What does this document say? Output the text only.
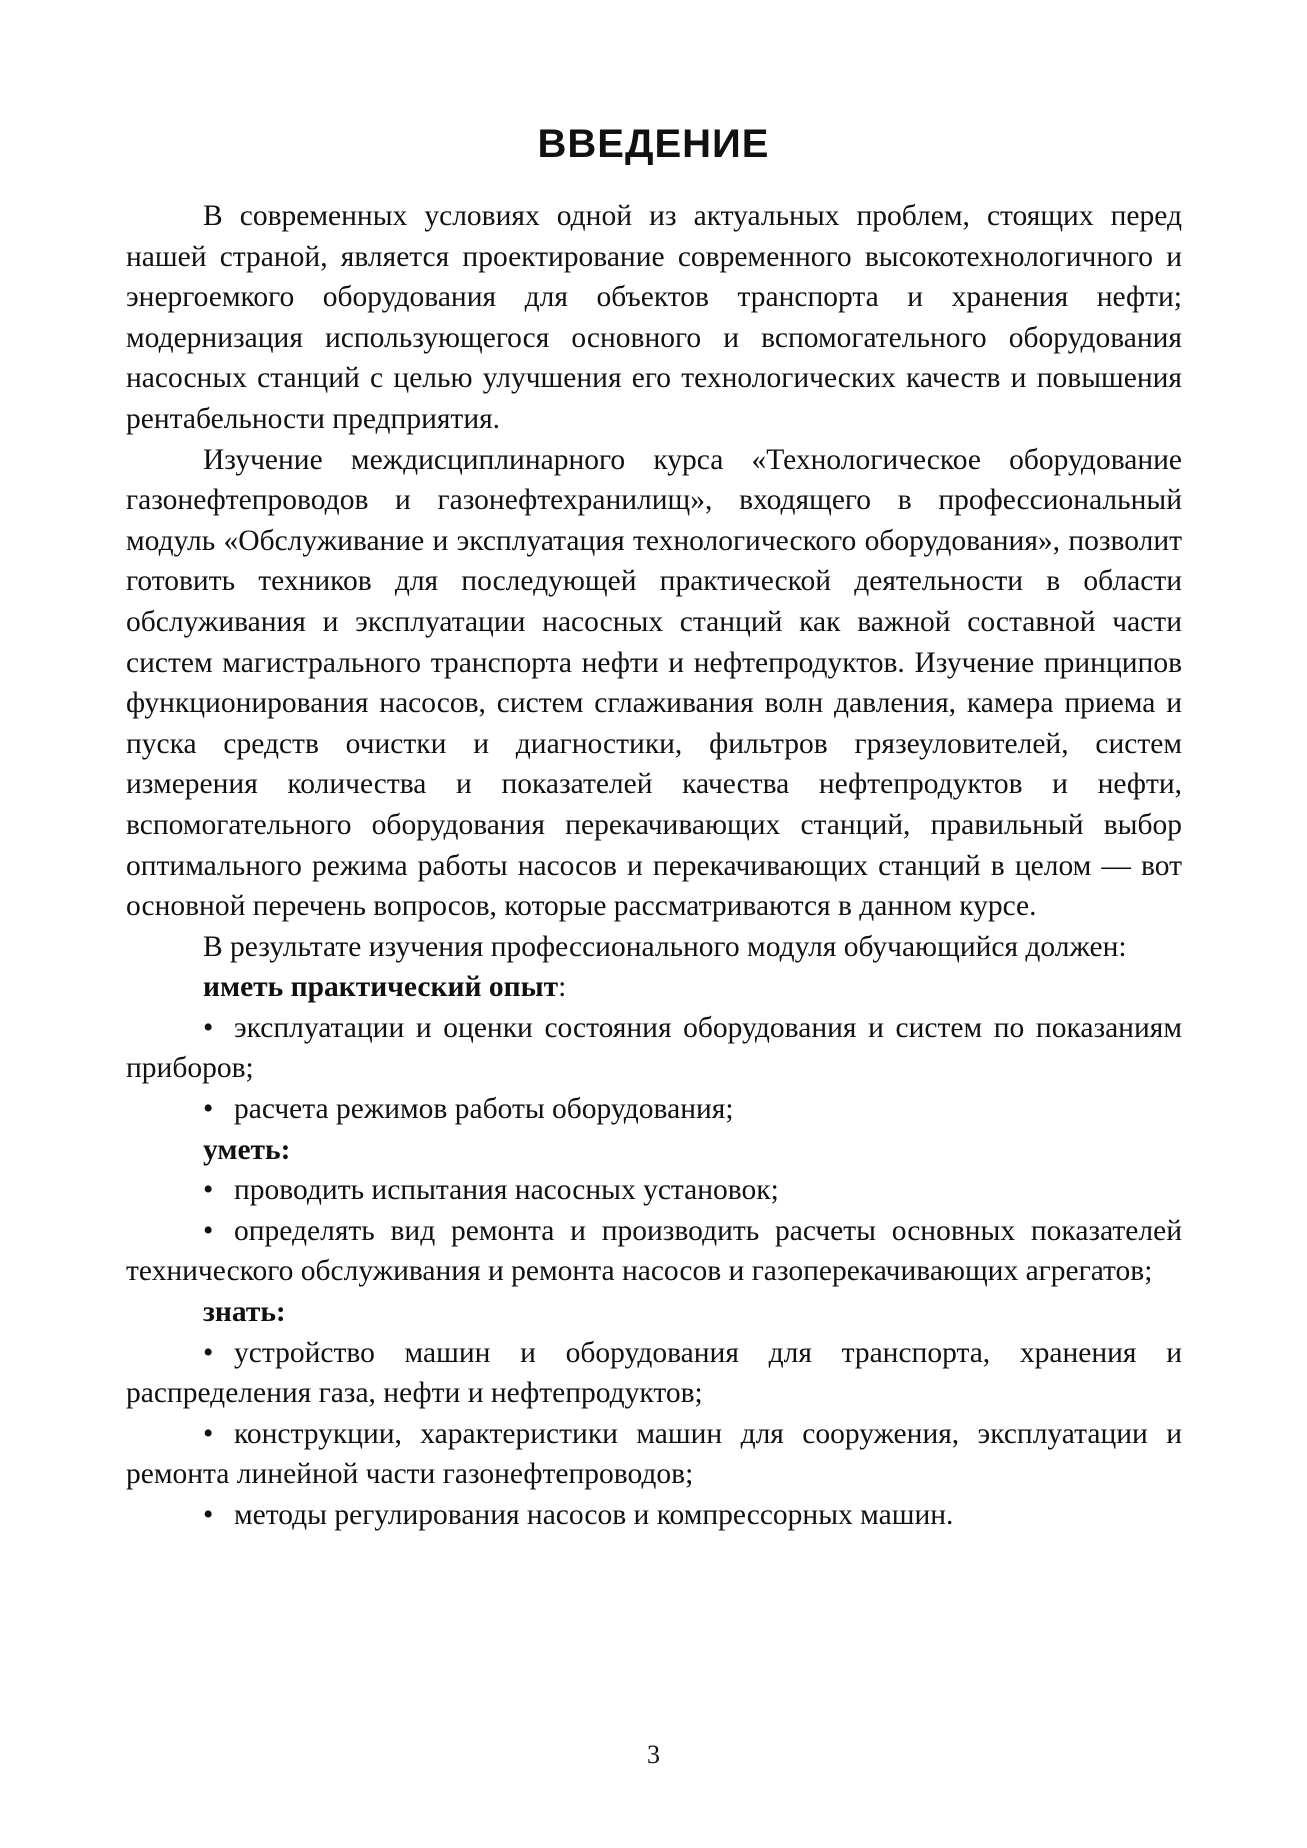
ВВЕДЕНИЕ

В современных условиях одной из актуальных проблем, стоящих перед нашей страной, является проектирование современного высокотехнологичного и энергоемкого оборудования для объектов транспорта и хранения нефти; модернизация использующегося основного и вспомогательного оборудования насосных станций с целью улучшения его технологических качеств и повышения рентабельности предприятия.

Изучение междисциплинарного курса «Технологическое оборудование газонефтепроводов и газонефтехранилищ», входящего в профессиональный модуль «Обслуживание и эксплуатация технологического оборудования», позволит готовить техников для последующей практической деятельности в области обслуживания и эксплуатации насосных станций как важной составной части систем магистрального транспорта нефти и нефтепродуктов. Изучение принципов функционирования насосов, систем сглаживания волн давления, камера приема и пуска средств очистки и диагностики, фильтров грязеуловителей, систем измерения количества и показателей качества нефтепродуктов и нефти, вспомогательного оборудования перекачивающих станций, правильный выбор оптимального режима работы насосов и перекачивающих станций в целом — вот основной перечень вопросов, которые рассматриваются в данном курсе.

В результате изучения профессионального модуля обучающийся должен:

иметь практический опыт:

• эксплуатации и оценки состояния оборудования и систем по показаниям приборов;

• расчета режимов работы оборудования;

уметь:

• проводить испытания насосных установок;

• определять вид ремонта и производить расчеты основных показателей технического обслуживания и ремонта насосов и газоперекачивающих агрегатов;

знать:

• устройство машин и оборудования для транспорта, хранения и распределения газа, нефти и нефтепродуктов;

• конструкции, характеристики машин для сооружения, эксплуатации и ремонта линейной части газонефтепроводов;

• методы регулирования насосов и компрессорных машин.

3
